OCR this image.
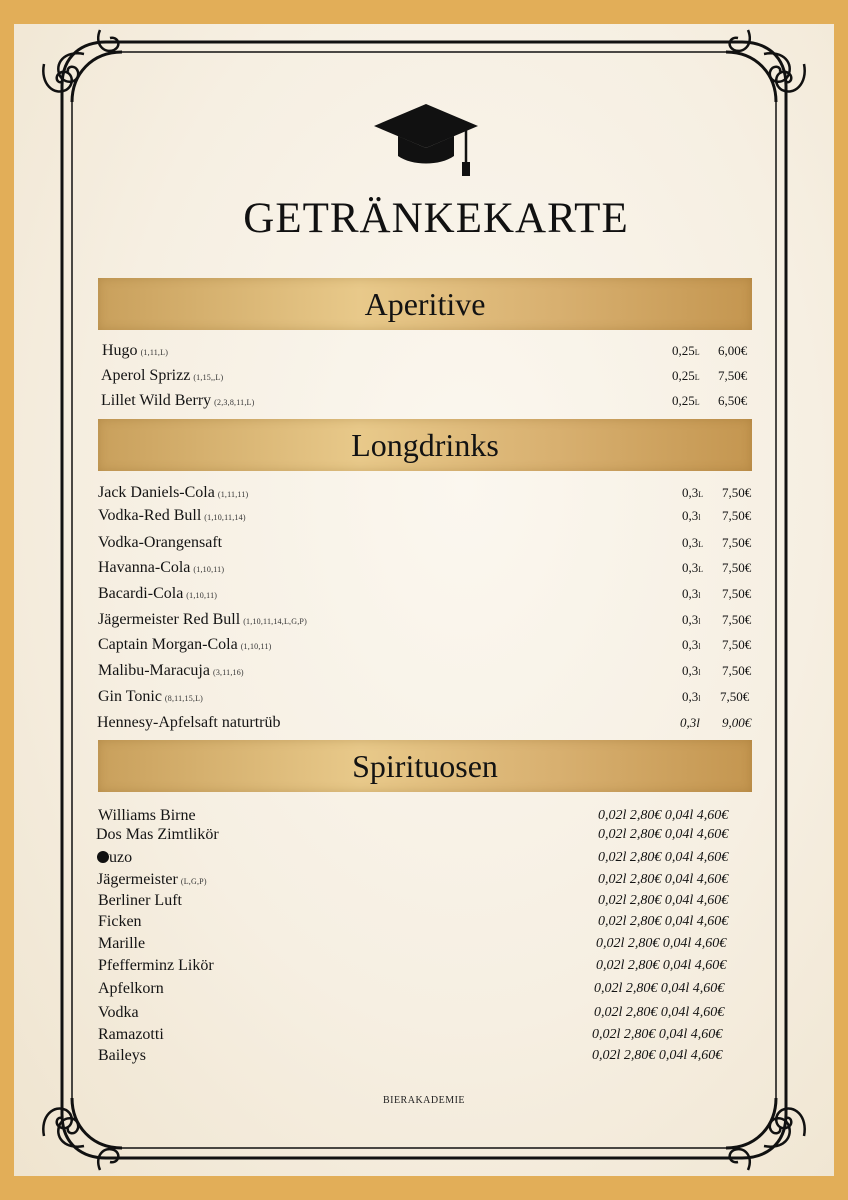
GETRÄNKEKARTE
Aperitive
Hugo (1,11,L)	0,25L 6,00€
Aperol Sprizz (1,15,,L)	0,25L 7,50€
Lillet Wild Berry (2,3,8,11,L)	0,25L 6,50€
Longdrinks
Jack Daniels-Cola (1,11,11)	0,3L 7,50€
Vodka-Red Bull (1,10,11,14)	0,3l 7,50€
Vodka-Orangensaft	0,3L 7,50€
Havanna-Cola (1,10,11)	0,3L 7,50€
Bacardi-Cola (1,10,11)	0,3l 7,50€
Jägermeister Red Bull (1,10,11,14,L,G,P)	0,3l 7,50€
Captain Morgan-Cola (1,10,11)	0,3l 7,50€
Malibu-Maracuja (3,11,16)	0,3l 7,50€
Gin Tonic (8,11,15,L)	0,3l 7,50€
Hennesy-Apfelsaft naturtrüb	0,3l 9,00€
Spirituosen
Williams Birne	0,02l 2,80€ 0,04l 4,60€
Dos Mas Zimtlikör	0,02l 2,80€ 0,04l 4,60€
uzo	0,02l 2,80€ 0,04l 4,60€
Jägermeister (L,G,P)	0,02l 2,80€ 0,04l 4,60€
Berliner Luft	0,02l 2,80€ 0,04l 4,60€
Ficken	0,02l 2,80€ 0,04l 4,60€
Marille	0,02l 2,80€ 0,04l 4,60€
Pfefferminz Likör	0,02l 2,80€ 0,04l 4,60€
Apfelkorn	0,02l 2,80€ 0,04l 4,60€
Vodka	0,02l 2,80€ 0,04l 4,60€
Ramazotti	0,02l 2,80€ 0,04l 4,60€
Baileys	0,02l 2,80€ 0,04l 4,60€
BIERAKADEMIE
